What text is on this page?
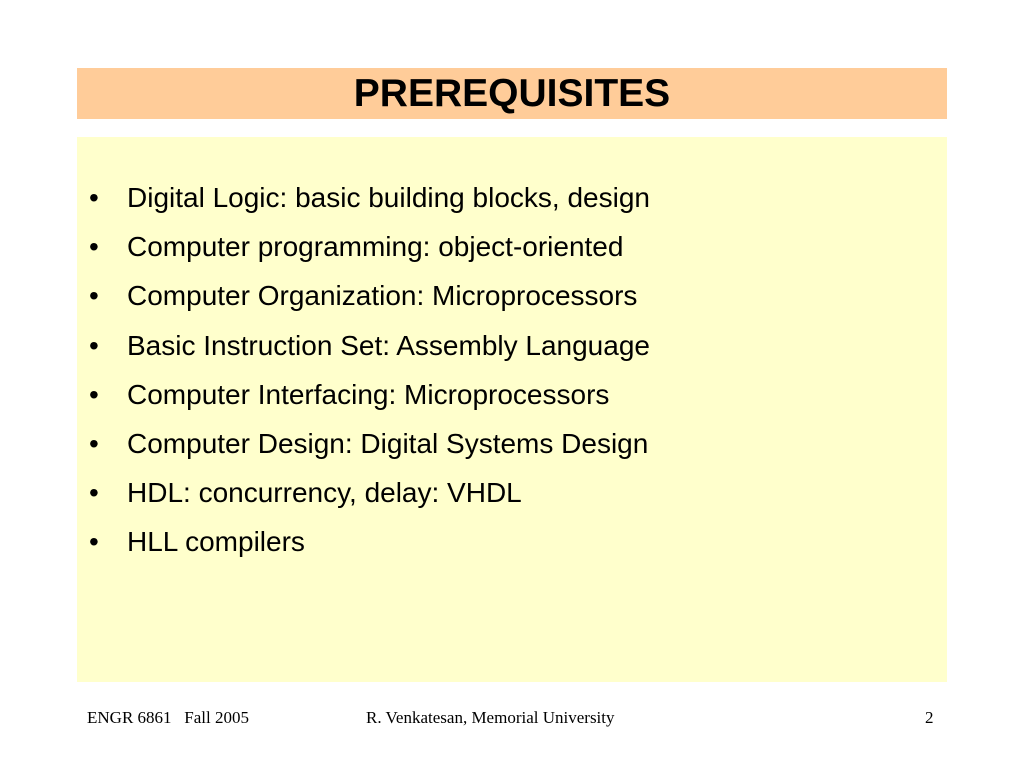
PREREQUISITES
•	Digital Logic: basic building blocks, design
•	Computer programming: object-oriented
•	Computer Organization: Microprocessors
•	Basic Instruction Set: Assembly Language
•	Computer Interfacing: Microprocessors
•	Computer Design: Digital Systems Design
•	HDL: concurrency, delay: VHDL
•	HLL compilers
ENGR 6861   Fall 2005	R. Venkatesan, Memorial University	2
